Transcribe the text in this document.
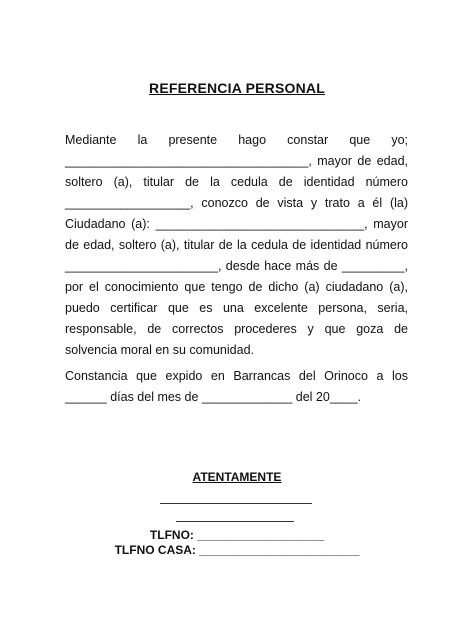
REFERENCIA PERSONAL
Mediante la presente hago constar que yo; ___________________________________, mayor de edad, soltero (a), titular de la cedula de identidad número __________________, conozco de vista y trato a él (la) Ciudadano (a): ______________________________, mayor de edad, soltero (a), titular de la cedula de identidad número ______________________, desde hace más de _________, por el conocimiento que tengo de dicho (a) ciudadano (a), puedo certificar que es una excelente persona, seria, responsable, de correctos procederes y que goza de solvencia moral en su comunidad.
Constancia que expido en Barrancas del Orinoco a los ______ días del mes de _____________ del 20____.
ATENTAMENTE
TLFNO: ___________________
TLFNO CASA: ________________________
